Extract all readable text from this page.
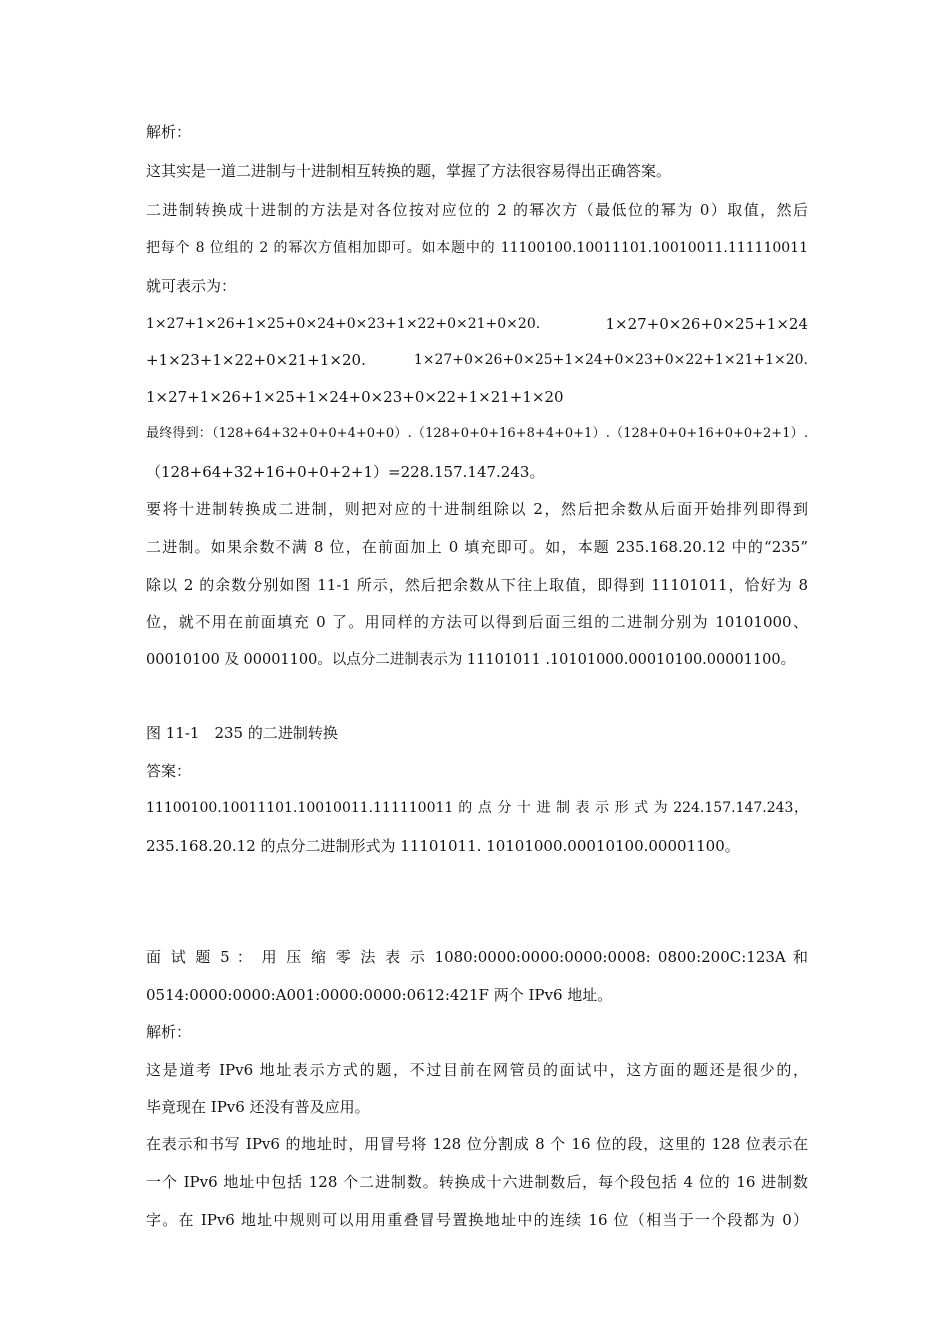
解析：
这其实是一道二进制与十进制相互转换的题，掌握了方法很容易得出正确答案。
二进制转换成十进制的方法是对各位按对应位的 2 的幂次方（最低位的幂为 0）取值，然后
把每个 8 位组的 2 的幂次方值相加即可。如本题中的 11100100.10011101.10010011.111110011
就可表示为：
1×27+1×26+1×25+0×24+0×23+1×22+0×21+0×20.	1×27+0×26+0×25+1×24
+1×23+1×22+0×21+1×20.	1×27+0×26+0×25+1×24+0×23+0×22+1×21+1×20.
1×27+1×26+1×25+1×24+0×23+0×22+1×21+1×20
最终得到：（128+64+32+0+0+4+0+0）.（128+0+0+16+8+4+0+1）.（128+0+0+16+0+0+2+1）.
（128+64+32+16+0+0+2+1）=228.157.147.243。
要将十进制转换成二进制，则把对应的十进制组除以 2，然后把余数从后面开始排列即得到
二进制。如果余数不满 8 位，在前面加上 0 填充即可。如，本题 235.168.20.12 中的“235”
除以 2 的余数分别如图 11-1 所示，然后把余数从下往上取值，即得到 11101011，恰好为 8
位，就不用在前面填充 0 了。用同样的方法可以得到后面三组的二进制分别为 10101000、
00010100 及 00001100。以点分二进制表示为 11101011 .10101000.00010100.00001100。
图 11-1　235 的二进制转换
答案：
11100100.10011101.10010011.111110011 的 点 分 十 进 制 表 示 形 式 为 224.157.147.243，
235.168.20.12 的点分二进制形式为 11101011. 10101000.00010100.00001100。
面 试 题 5 ： 用 压 缩 零 法 表 示 1080:0000:0000:0000:0008: 0800:200C:123A 和
0514:0000:0000:A001:0000:0000:0612:421F 两个 IPv6 地址。
解析：
这是道考 IPv6 地址表示方式的题，不过目前在网管员的面试中，这方面的题还是很少的，
毕竟现在 IPv6 还没有普及应用。
在表示和书写 IPv6 的地址时，用冒号将 128 位分割成 8 个 16 位的段，这里的 128 位表示在
一个 IPv6 地址中包括 128 个二进制数。转换成十六进制数后，每个段包括 4 位的 16 进制数
字。在 IPv6 地址中规则可以用用重叠冒号置换地址中的连续 16 位（相当于一个段都为 0）
